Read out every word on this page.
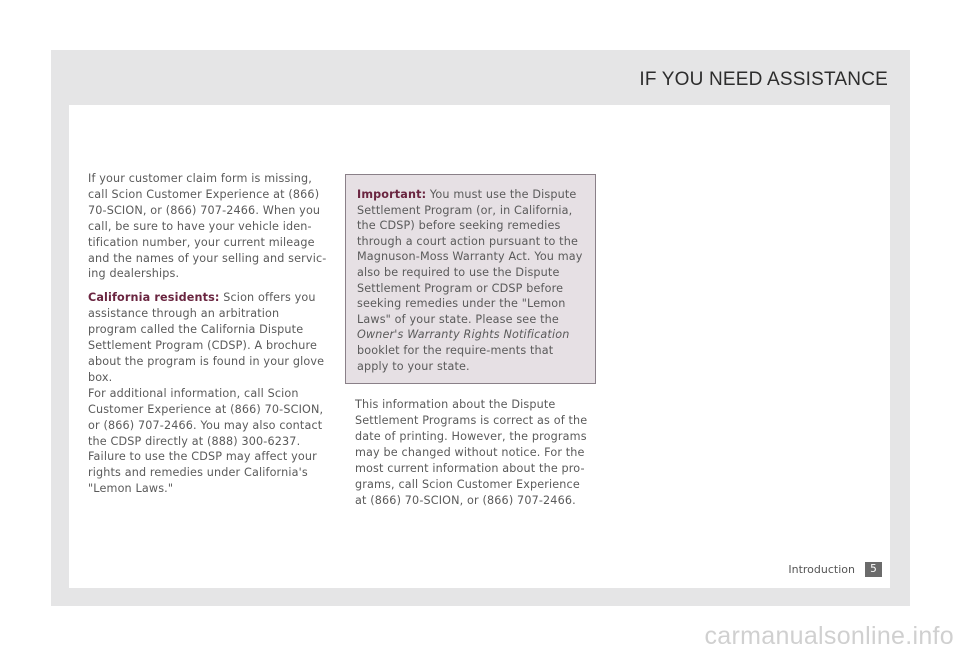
IF YOU NEED ASSISTANCE

If your customer claim form is missing, call Scion Customer Experience at (866) 70-SCION, or (866) 707-2466. When you call, be sure to have your vehicle iden-tification number, your current mileage and the names of your selling and servic-ing dealerships.

California residents: Scion offers you assistance through an arbitration program called the California Dispute Settlement Program (CDSP). A brochure about the program is found in your glove box.

For additional information, call Scion Customer Experience at (866) 70-SCION, or (866) 707-2466. You may also contact the CDSP directly at (888) 300-6237. Failure to use the CDSP may affect your rights and remedies under California's "Lemon Laws."

Important: You must use the Dispute Settlement Program (or, in California, the CDSP) before seeking remedies through a court action pursuant to the Magnuson-Moss Warranty Act. You may also be required to use the Dispute Settlement Program or CDSP before seeking remedies under the "Lemon Laws" of your state. Please see the Owner's Warranty Rights Notification booklet for the require-ments that apply to your state.
This information about the Dispute Settlement Programs is correct as of the date of printing. However, the programs may be changed without notice. For the most current information about the pro-grams, call Scion Customer Experience at (866) 70-SCION, or (866) 707-2466.
Introduction	5
carmanualsonline.info
